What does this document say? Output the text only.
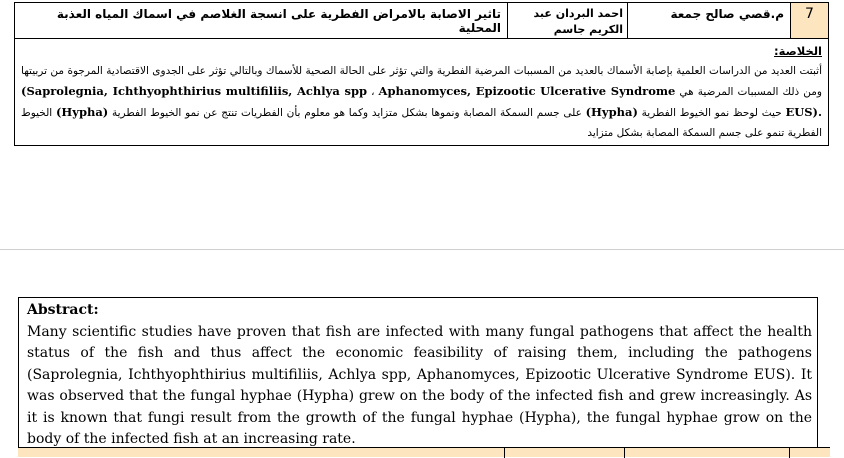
تاثير الاصابة بالامراض الفطرية على انسجة الغلاصم في اسماك المياه العذبة المحلية
احمد البردان عبد الكريم جاسم
م.قصي صالح جمعة	7
الخلاصة:
أثبتت العديد من الدراسات العلمية بإصابة الأسماك بالعديد من المسببات المرضية الفطرية والتي تؤثر على الحالة الصحية للأسماك وبالتالي تؤثر على الجدوى الاقتصادية المرجوة من تربيتها ومن ذلك المسببات المرضية هي (Saprolegnia, Ichthyophthirius multifiliis, Achlya spp ، Aphanomyces, Epizootic Ulcerative Syndrome EUS). حيث لوحظ نمو الخيوط الفطرية (Hypha) على جسم السمكة المصابة ونموها بشكل متزايد وكما هو معلوم بأن الفطريات تنتج عن نمو الخيوط الفطرية (Hypha) الخيوط الفطرية تنمو على جسم السمكة المصابة بشكل متزايد
Abstract:
Many scientific studies have proven that fish are infected with many fungal pathogens that affect the health status of the fish and thus affect the economic feasibility of raising them, including the pathogens (Saprolegnia, Ichthyophthirius multifiliis, Achlya spp, Aphanomyces, Epizootic Ulcerative Syndrome EUS). It was observed that the fungal hyphae (Hypha) grew on the body of the infected fish and grew increasingly. As it is known that fungi result from the growth of the fungal hyphae (Hypha), the fungal hyphae grow on the body of the infected fish at an increasing rate.
